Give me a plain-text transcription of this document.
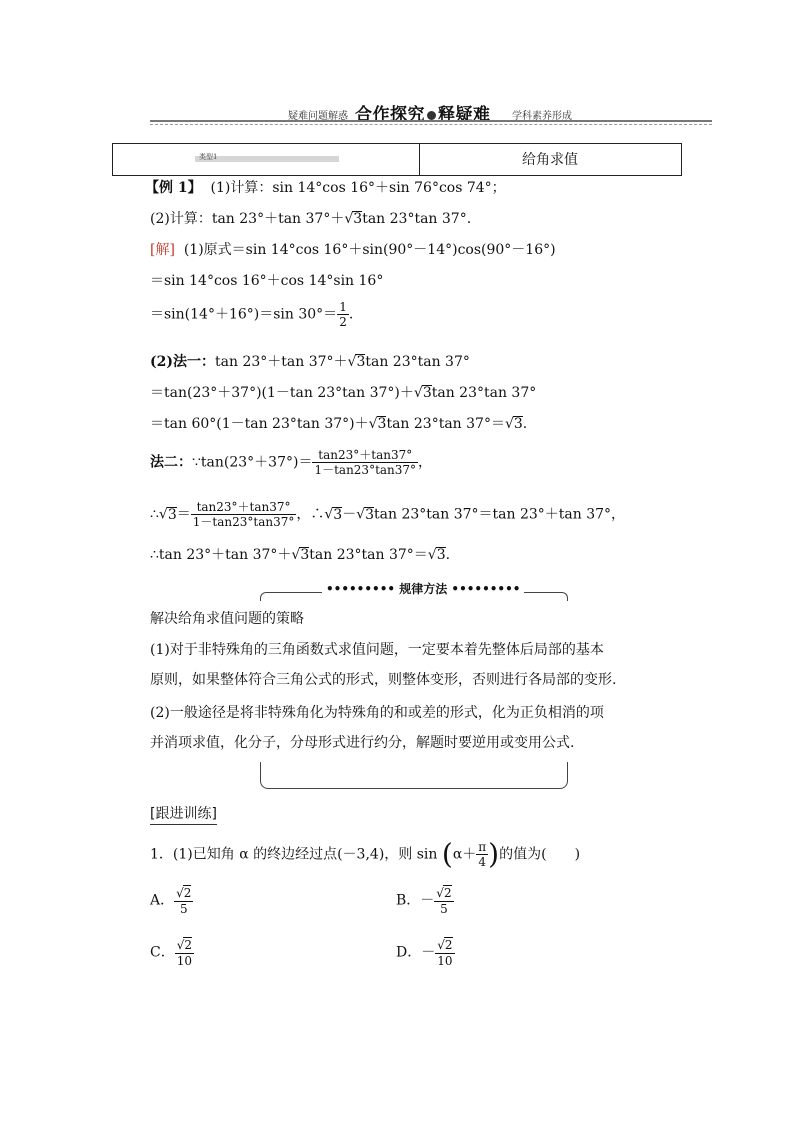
疑难问题解惑 合作探究 释疑难 学科素养形成
类型1	给角求值
【例 1】 (1)计算：sin 14°cos 16°＋sin 76°cos 74°；
(2)计算：tan 23°＋tan 37°＋√3tan 23°tan 37°.
[解] (1)原式＝sin 14°cos 16°＋sin(90°－14°)cos(90°－16°)
＝sin 14°cos 16°＋cos 14°sin 16°
＝sin(14°＋16°)＝sin $30^\circ= \frac{1}{2}$ .
(2)法一：tan 23°＋tan 37°＋√3tan 23°tan 37°
＝tan(23°＋37°)(1－tan 23°tan 37°)＋√3tan 23°tan 37°
＝tan 60°(1－tan 23°tan 37°)＋√3tan 23°tan 37°＝√3.
法二：∵tan(23°＋37°)＝ $\frac{\tan 23^\circ+\tan 37^\circ}{1-\tan 23^\circ\tan 37^\circ}$ ，
∴√3＝ $\frac{\tan 23^\circ+\tan 37^\circ}{1-\tan 23^\circ\tan 37^\circ}$ ，∴√3－√3tan 23°tan 37°＝tan 23°＋tan 37°，
∴tan 23°＋tan 37°＋√3tan 23°tan 37°＝√3.
••••••••• 规律方法 •••••••••
解决给角求值问题的策略
(1)对于非特殊角的三角函数式求值问题，一定要本着先整体后局部的基本
原则，如果整体符合三角公式的形式，则整体变形，否则进行各局部的变形.
(2)一般途径是将非特殊角化为特殊角的和或差的形式，化为正负相消的项
并消项求值，化分子，分母形式进行约分，解题时要逆用或变用公式.
[跟进训练]
1．(1)已知角 α 的终边经过点(－3,4)，则 $\sin (\alpha+ \frac{\pi}{4}$ )的值为(　　)
A． $\frac{√2}{5}$	B．－ $\frac{√2}{5}$
C． $\frac{√2}{10}$	D．－ $\frac{√2}{10}$
